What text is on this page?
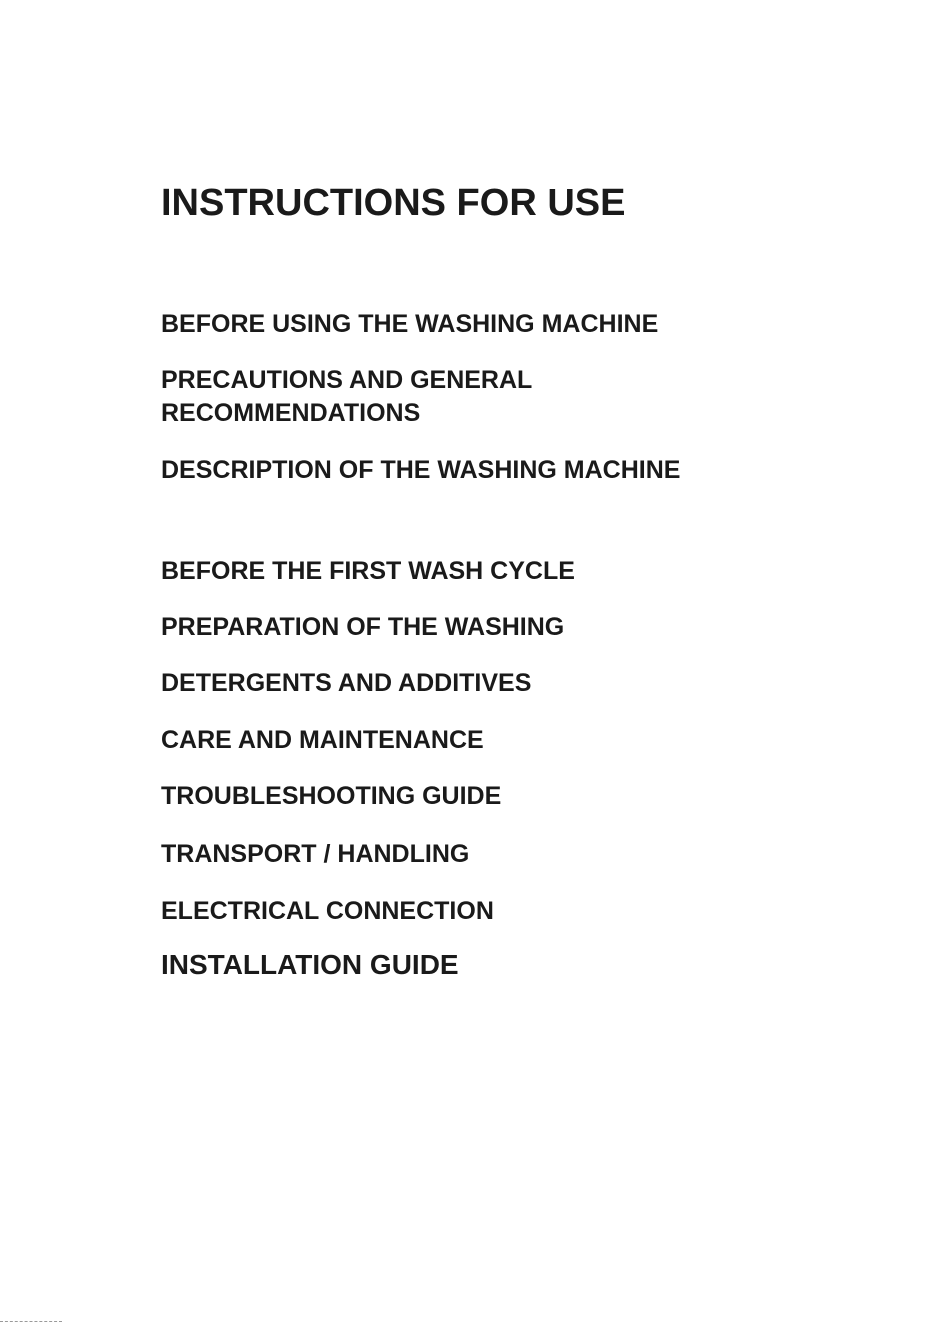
INSTRUCTIONS FOR USE
BEFORE USING THE WASHING MACHINE
PRECAUTIONS AND GENERAL
RECOMMENDATIONS
DESCRIPTION OF THE WASHING MACHINE
BEFORE THE FIRST WASH CYCLE
PREPARATION OF THE WASHING
DETERGENTS AND ADDITIVES
CARE AND MAINTENANCE
TROUBLESHOOTING GUIDE
TRANSPORT / HANDLING
ELECTRICAL CONNECTION
INSTALLATION GUIDE
